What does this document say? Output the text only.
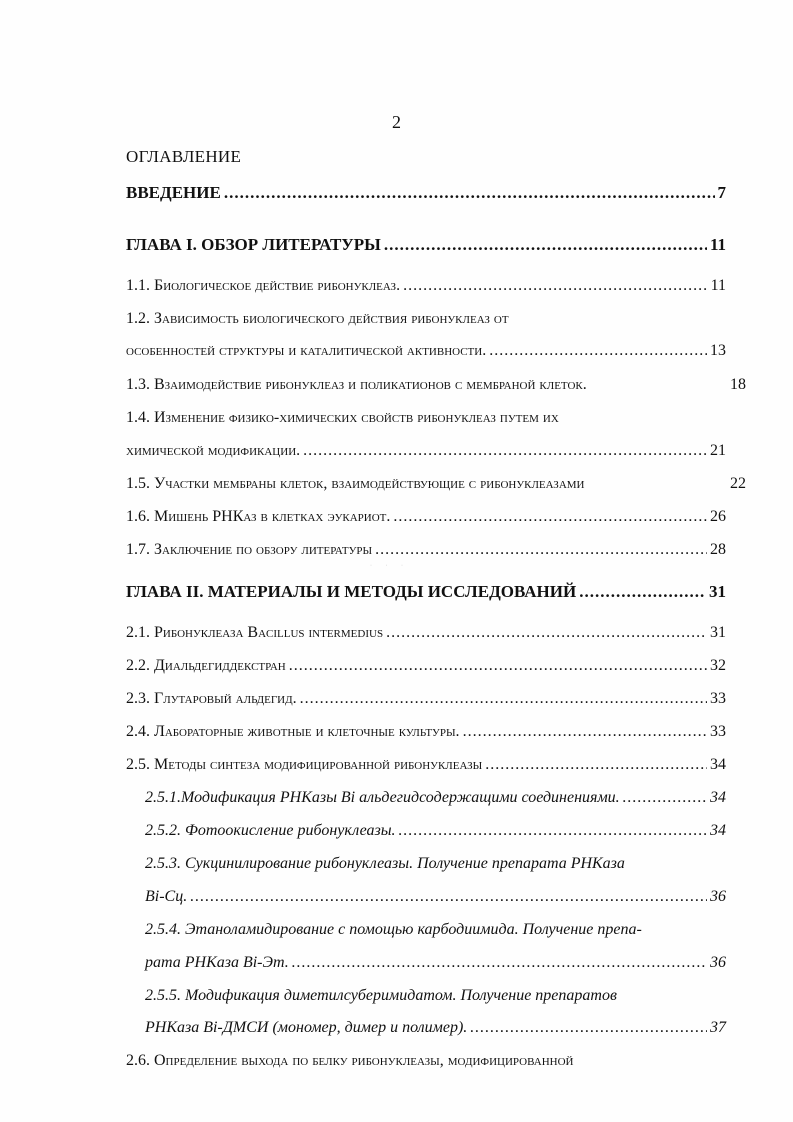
2
ОГЛАВЛЕНИЕ
ВВЕДЕНИЕ .....	7
ГЛАВА I. ОБЗОР ЛИТЕРАТУРЫ .....	11
1.1. Биологическое действие рибонуклеаз. .....	11
1.2. Зависимость биологического действия рибонуклеаз от
особенностей структуры и каталитической активности. .....	13
1.3. Взаимодействие рибонуклеаз и поликатионов с мембраной клеток.	18
1.4. Изменение физико-химических свойств рибонуклеаз путем их
химической модификации. .....	21
1.5. Участки мембраны клеток, взаимодействующие с рибонуклеазами	22
1.6. Мишень РНКаз в клетках эукариот. .....	26
1.7. Заключение по обзору литературы .....	28
· · ·
ГЛАВА II. МАТЕРИАЛЫ И МЕТОДЫ ИССЛЕДОВАНИЙ .....	31
2.1. Рибонуклеаза Bacillus intermedius .....	31
2.2. Диальдегиддекстран .....	32
2.3. Глутаровый альдегид. .....	33
2.4. Лабораторные животные и клеточные культуры. .....	33
2.5. Методы синтеза модифицированной рибонуклеазы .....	34
2.5.1.Модификация РНКазы Bi альдегидсодержащими соединениями. .....	34
2.5.2. Фотоокисление рибонуклеазы. .....	34
2.5.3. Сукцинилирование рибонуклеазы. Получение препарата РНКаза
Bi-Сц. .....	36
2.5.4. Этаноламидирование с помощью карбодиимида. Получение препа-
рата РНКаза Bi-Эт. .....	36
2.5.5. Модификация диметилсуберимидатом. Получение препаратов
РНКаза Bi-ДМСИ (мономер, димер и полимер). .....	37
2.6. Определение выхода по белку рибонуклеазы, модифицированной
